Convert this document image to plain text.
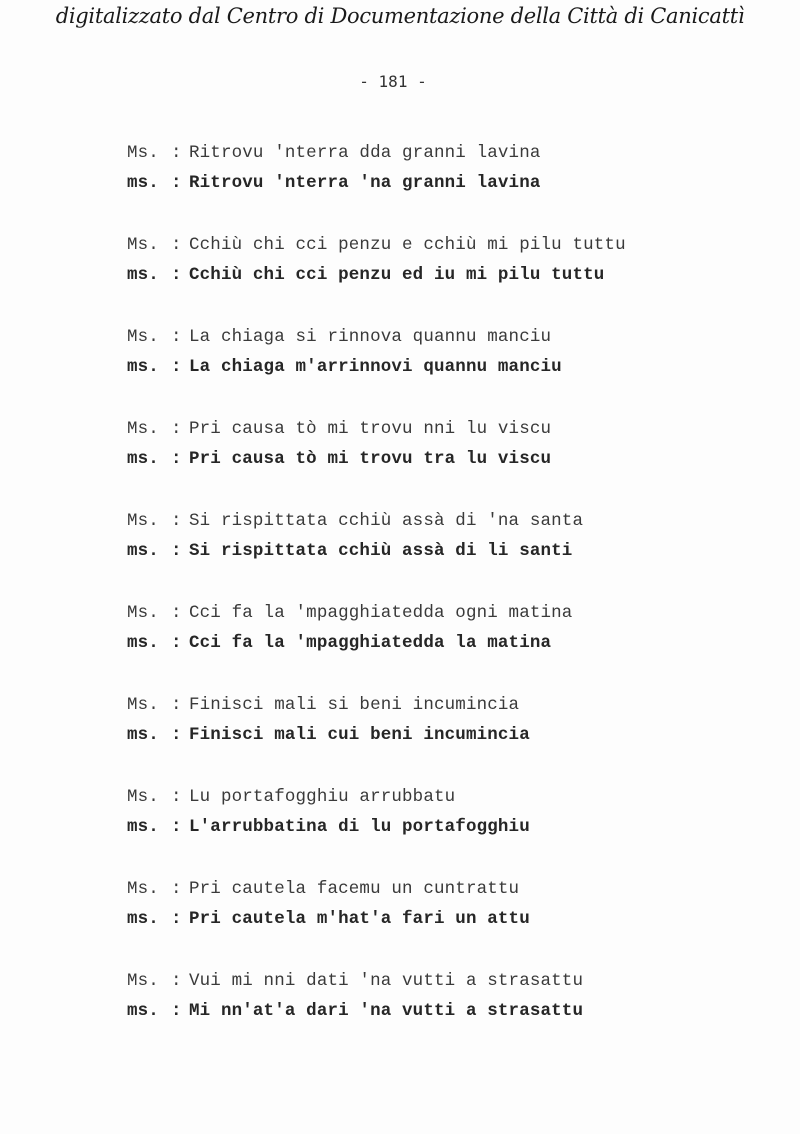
digitalizzato dal Centro di Documentazione della Città di Canicattì
- 181 -
Ms. : Ritrovu 'nterra dda granni lavina
ms. : Ritrovu 'nterra 'na granni lavina
Ms. : Cchiù chi cci penzu e cchiù mi pilu tuttu
ms. : Cchiù chi cci penzu ed iu mi pilu tuttu
Ms. : La chiaga si rinnova quannu manciu
ms. : La chiaga m'arrinnovi quannu manciu
Ms. : Pri causa tò mi trovu nni lu viscu
ms. : Pri causa tò mi trovu tra lu viscu
Ms. : Si rispittata cchiù assà di 'na santa
ms. : Si rispittata cchiù assà di li santi
Ms. : Cci fa la 'mpagghiatedda ogni matina
ms. : Cci fa la 'mpagghiatedda la matina
Ms. : Finisci mali si beni incumincia
ms. : Finisci mali cui beni incumincia
Ms. : Lu portafogghiu arrubbatu
ms. : L'arrubbatina di lu portafogghiu
Ms. : Pri cautela facemu un cuntrattu
ms. : Pri cautela m'hat'a fari un attu
Ms. : Vui mi nni dati 'na vutti a strasattu
ms. : Mi nn'at'a dari 'na vutti a strasattu
